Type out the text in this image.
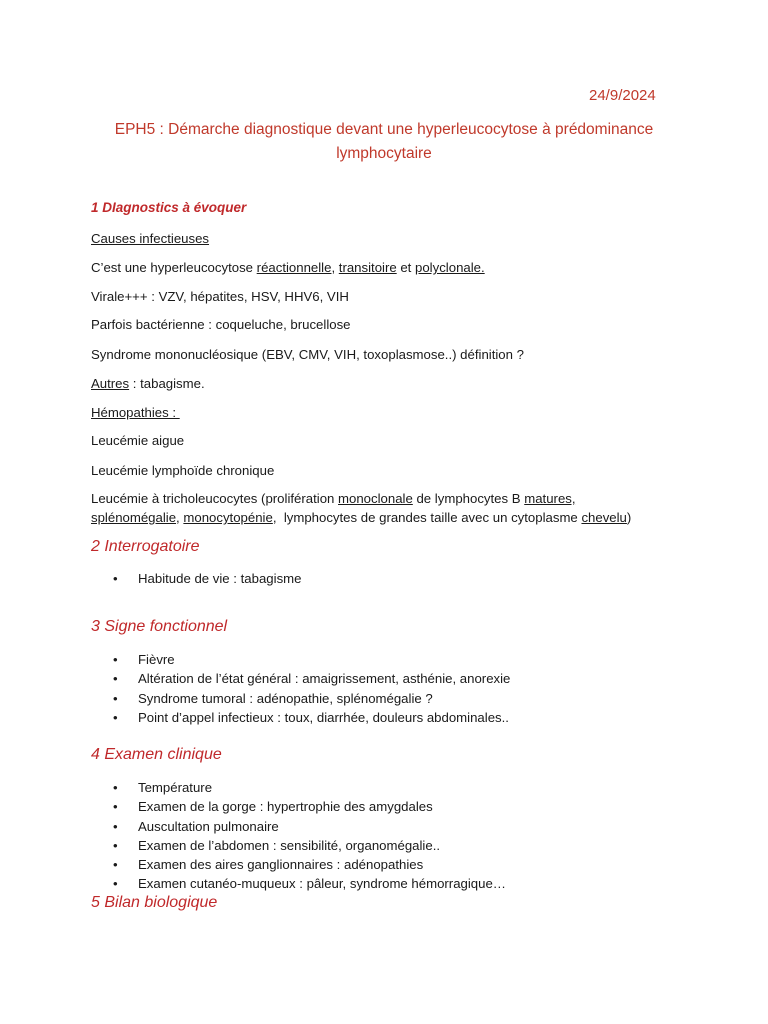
24/9/2024
EPH5 : Démarche diagnostique devant une hyperleucocytose à prédominance
lymphocytaire
1 DIagnostics à évoquer
Causes infectieuses
C’est une hyperleucocytose réactionnelle, transitoire et polyclonale.
Virale+++ : VZV, hépatites, HSV, HHV6, VIH
Parfois bactérienne : coqueluche, brucellose
Syndrome mononucléosique (EBV, CMV, VIH, toxoplasmose..) définition ?
Autres : tabagisme.
Hémopathies :
Leucémie aigue
Leucémie lymphoïde chronique
Leucémie à tricholeucocytes (prolifération monoclonale de lymphocytes B matures,
splénomégalie, monocytopénie,  lymphocytes de grandes taille avec un cytoplasme chevelu)
2 Interrogatoire
• Habitude de vie : tabagisme
3 Signe fonctionnel
• Fièvre
• Altération de l’état général : amaigrissement, asthénie, anorexie
• Syndrome tumoral : adénopathie, splénomégalie ?
• Point d’appel infectieux : toux, diarrhée, douleurs abdominales..
4 Examen clinique
• Température
• Examen de la gorge : hypertrophie des amygdales
• Auscultation pulmonaire
• Examen de l’abdomen : sensibilité, organomégalie..
• Examen des aires ganglionnaires : adénopathies
• Examen cutanéo-muqueux : pâleur, syndrome hémorragique…
5 Bilan biologique
